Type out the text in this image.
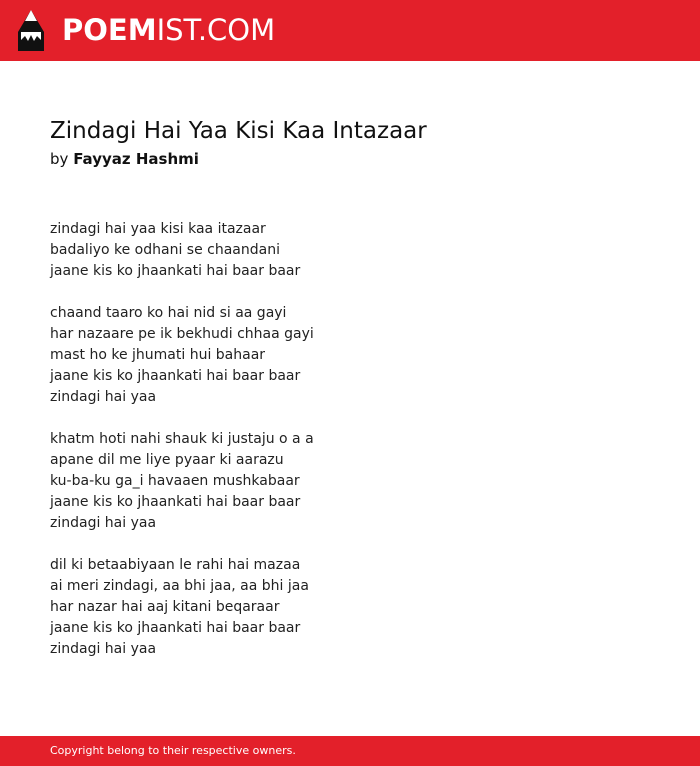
POEMIST.COM
Zindagi Hai Yaa Kisi Kaa Intazaar
by Fayyaz Hashmi
zindagi hai yaa kisi kaa itazaar
badaliyo ke odhani se chaandani
jaane kis ko jhaankati hai baar baar
chaand taaro ko hai nid si aa gayi
har nazaare pe ik bekhudi chhaa gayi
mast ho ke jhumati hui bahaar
jaane kis ko jhaankati hai baar baar
zindagi hai yaa
khatm hoti nahi shauk ki justaju o a a
apane dil me liye pyaar ki aarazu
ku-ba-ku ga_i havaaen mushkabaar
jaane kis ko jhaankati hai baar baar
zindagi hai yaa
dil ki betaabiyaan le rahi hai mazaa
ai meri zindagi, aa bhi jaa, aa bhi jaa
har nazar hai aaj kitani beqaraar
jaane kis ko jhaankati hai baar baar
zindagi hai yaa
Copyright belong to their respective owners.
